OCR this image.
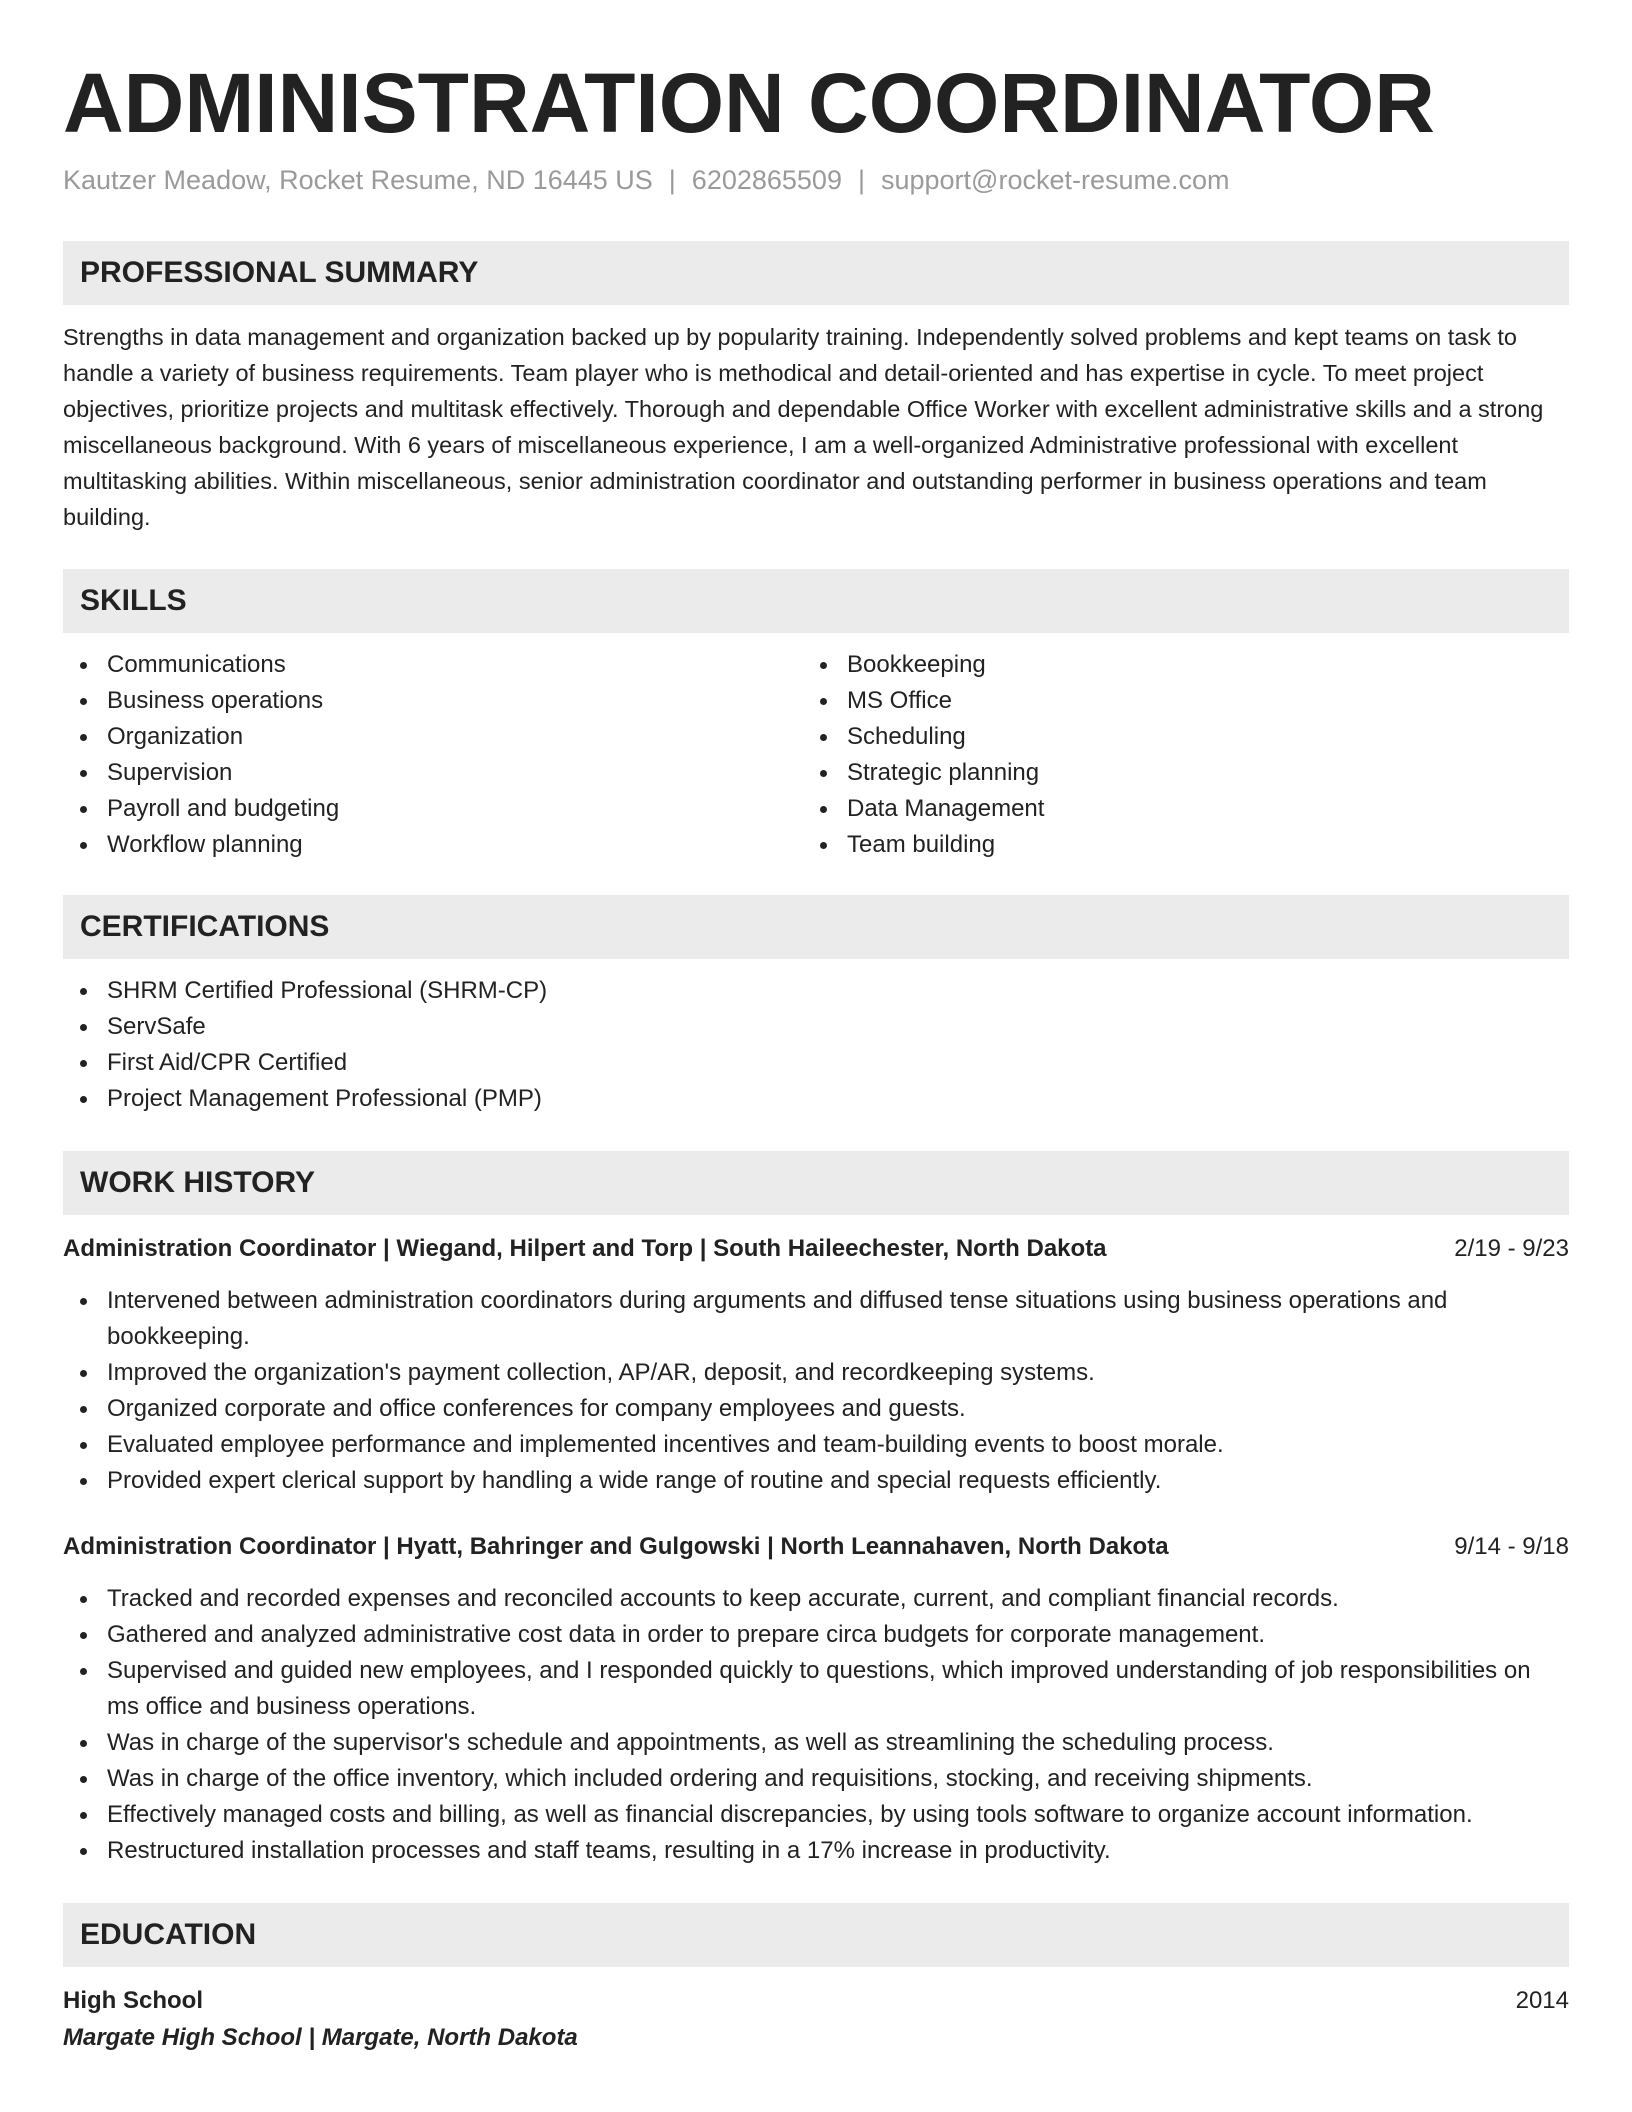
ADMINISTRATION COORDINATOR
Kautzer Meadow, Rocket Resume, ND 16445 US | 6202865509 | support@rocket-resume.com
PROFESSIONAL SUMMARY

Strengths in data management and organization backed up by popularity training. Independently solved problems and kept teams on task to handle a variety of business requirements. Team player who is methodical and detail-oriented and has expertise in cycle. To meet project objectives, prioritize projects and multitask effectively. Thorough and dependable Office Worker with excellent administrative skills and a strong miscellaneous background. With 6 years of miscellaneous experience, I am a well-organized Administrative professional with excellent multitasking abilities. Within miscellaneous, senior administration coordinator and outstanding performer in business operations and team building.

SKILLS
Communications
Business operations
Organization
Supervision
Payroll and budgeting
Workflow planning
Bookkeeping
MS Office
Scheduling
Strategic planning
Data Management
Team building
CERTIFICATIONS
SHRM Certified Professional (SHRM-CP)
ServSafe
First Aid/CPR Certified
Project Management Professional (PMP)
WORK HISTORY
Administration Coordinator | Wiegand, Hilpert and Torp | South Haileechester, North Dakota	2/19 - 9/23
Intervened between administration coordinators during arguments and diffused tense situations using business operations and bookkeeping.
Improved the organization's payment collection, AP/AR, deposit, and recordkeeping systems.
Organized corporate and office conferences for company employees and guests.
Evaluated employee performance and implemented incentives and team-building events to boost morale.
Provided expert clerical support by handling a wide range of routine and special requests efficiently.
Administration Coordinator | Hyatt, Bahringer and Gulgowski | North Leannahaven, North Dakota	9/14 - 9/18
Tracked and recorded expenses and reconciled accounts to keep accurate, current, and compliant financial records.
Gathered and analyzed administrative cost data in order to prepare circa budgets for corporate management.
Supervised and guided new employees, and I responded quickly to questions, which improved understanding of job responsibilities on ms office and business operations.
Was in charge of the supervisor's schedule and appointments, as well as streamlining the scheduling process.
Was in charge of the office inventory, which included ordering and requisitions, stocking, and receiving shipments.
Effectively managed costs and billing, as well as financial discrepancies, by using tools software to organize account information.
Restructured installation processes and staff teams, resulting in a 17% increase in productivity.
EDUCATION
High School	2014
Margate High School | Margate, North Dakota
